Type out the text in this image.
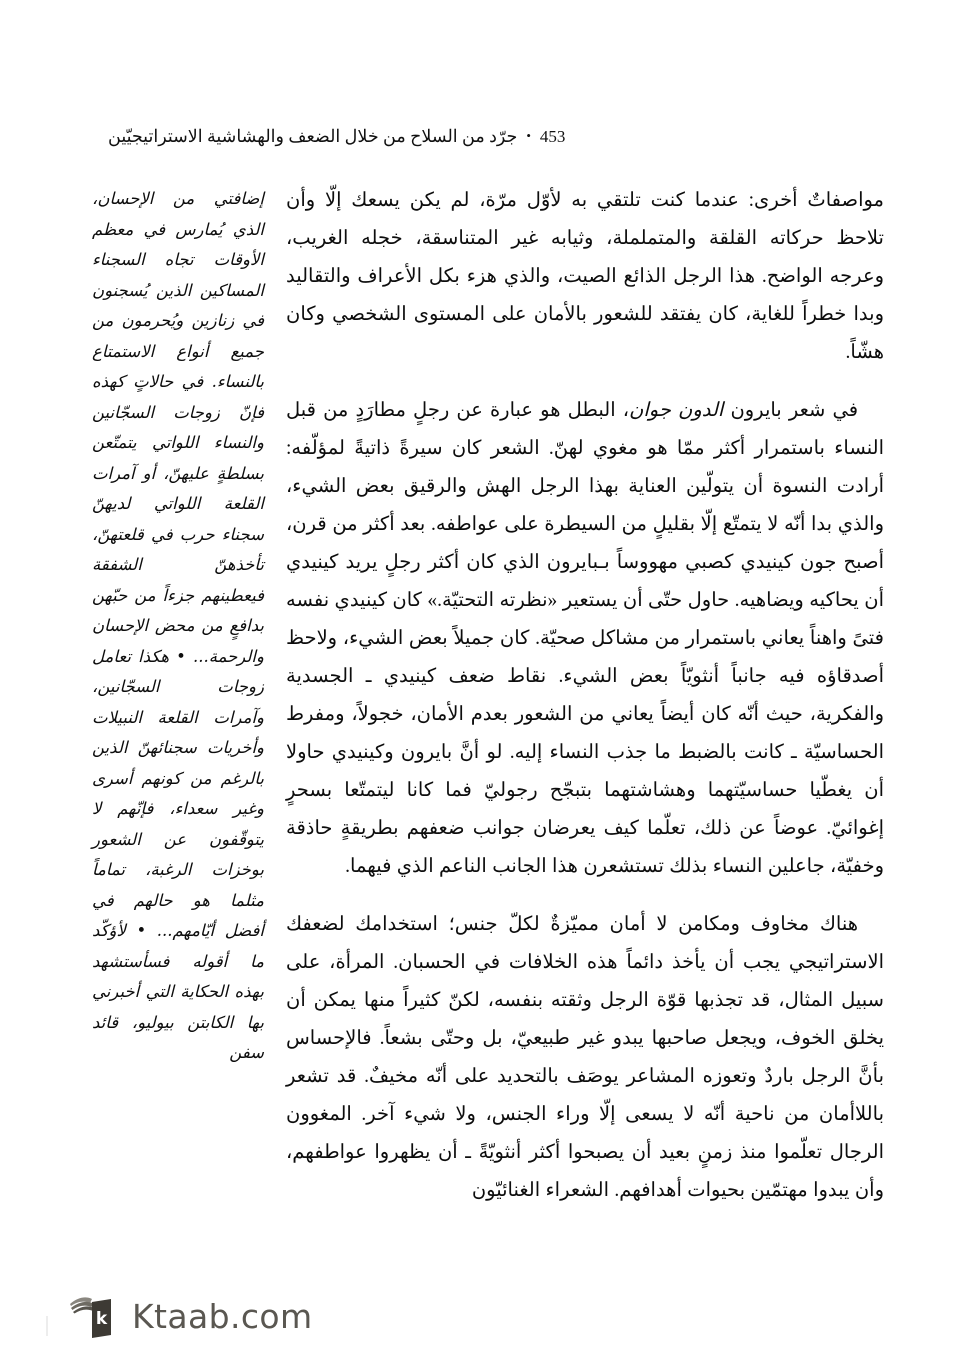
جرّد من السلاح من خلال الضعف والهشاشية الاستراتيجيّين • 453

إضافتي من الإحسان، الذي يُمارس في معظم الأوقات تجاه السجناء المساكين الذين يُسجنون في زنازين ويُحرمون من جميع أنواع الاستمتاع بالنساء. في حالاتٍ كهذه فإنّ زوجات السجّانين والنساء اللواتي يتمتّعن بسلطةٍ عليهنّ، أو آمرات القلعة اللواتي لديهنّ سجناء حرب في قلعتهنّ، تأخذهنّ الشفقة فيعطينهم جزءاً من حبّهن بدافعٍ من محض الإحسان والرحمة... • هكذا تعامل زوجات السجّانين، وآمرات القلعة النبيلات وأخريات سجنائهنّ الذين بالرغم من كونهم أسرى وغير سعداء، فإنّهم لا يتوقّفون عن الشعور بوخزات الرغبة، تماماً مثلما هو حالهم في أفضل أيّامهم... • لأؤكّد ما أقوله فسأستشهد بهذه الحكاية التي أخبرني بها الكابتن بيوليو، قائد سفن

مواصفاتٌ أخرى: عندما كنت تلتقي به لأوّل مرّة، لم يكن يسعك إلّا وأن تلاحظ حركاته القلقة والمتململة، وثيابه غير المتناسقة، خجله الغريب، وعرجه الواضح. هذا الرجل الذائع الصيت، والذي هزء بكل الأعراف والتقاليد وبدا خطراً للغاية، كان يفتقد للشعور بالأمان على المستوى الشخصي وكان هشّاً.

في شعر بايرون الدون جوان، البطل هو عبارة عن رجلٍ مطارَدٍ من قبل النساء باستمرار أكثر ممّا هو مغوي لهنّ. الشعر كان سيرةً ذاتيةً لمؤلّفه: أرادت النسوة أن يتولّين العناية بهذا الرجل الهش والرقيق بعض الشيء، والذي بدا أنّه لا يتمتّع إلّا بقليلٍ من السيطرة على عواطفه. بعد أكثر من قرن، أصبح جون كينيدي كصبي مهووساً بـبايرون الذي كان أكثر رجلٍ يريد كينيدي أن يحاكيه ويضاهيه. حاول حتّى أن يستعير «نظرته التحتيّة.» كان كينيدي نفسه فتىً واهناً يعاني باستمرار من مشاكل صحيّة. كان جميلاً بعض الشيء، ولاحظ أصدقاؤه فيه جانباً أنثويّاً بعض الشيء. نقاط ضعف كينيدي ـ الجسدية والفكرية، حيث أنّه كان أيضاً يعاني من الشعور بعدم الأمان، خجولاً، ومفرط الحساسيّة ـ كانت بالضبط ما جذب النساء إليه. لو أنَّ بايرون وكينيدي حاولا أن يغطّيا حساسيّتهما وهشاشتهما بتبجّح رجوليّ فما كانا ليتمتّعا بسحرٍ إغوائيّ. عوضاً عن ذلك، تعلّما كيف يعرضان جوانب ضعفهم بطريقةٍ حاذقة وخفيّة، جاعلين النساء بذلك تستشعرن هذا الجانب الناعم الذي فيهما.

هناك مخاوف ومكامن لا أمان مميّزةٌ لكلّ جنس؛ استخدامك لضعفك الاستراتيجي يجب أن يأخذ دائماً هذه الخلافات في الحسبان. المرأة، على سبيل المثال، قد تجذبها قوّة الرجل وثقته بنفسه، لكنّ كثيراً منها يمكن أن يخلق الخوف، ويجعل صاحبها يبدو غير طبيعيّ، بل وحتّى بشعاً. فالإحساس بأنَّ الرجل باردٌ وتعوزه المشاعر يوصَف بالتحديد على أنّه مخيفٌ. قد تشعر باللاأمان من ناحية أنّه لا يسعى إلّا وراء الجنس، ولا شيء آخر. المغوون الرجال تعلّموا منذ زمنٍ بعيد أن يصبحوا أكثر أنثويّةً ـ أن يظهروا عواطفهم، وأن يبدوا مهتمّين بحيوات أهدافهم. الشعراء الغنائيّون

k Ktaab.com
